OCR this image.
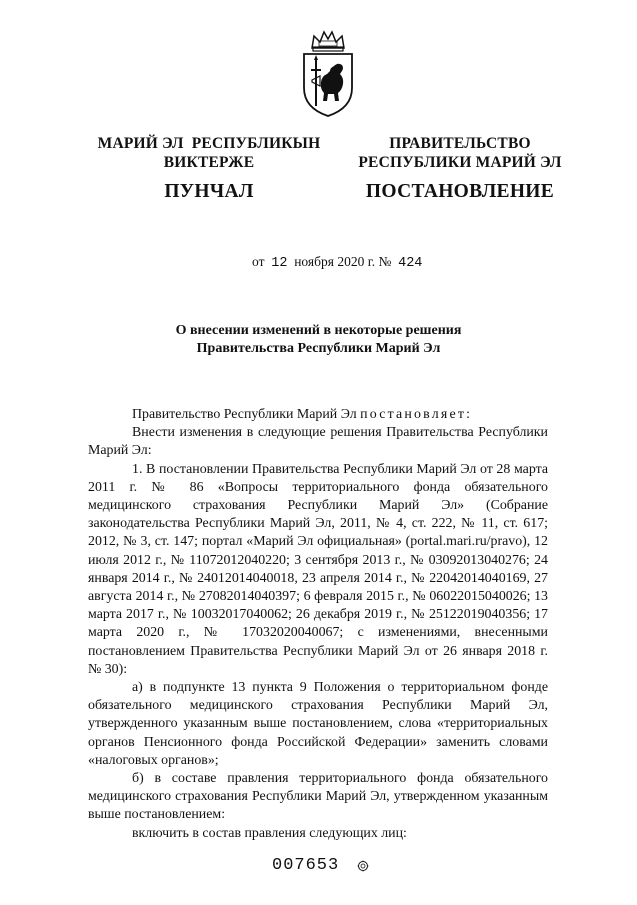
МАРИЙ ЭЛ  РЕСПУБЛИКЫН
ВИКТЕРЖЕ
ПУНЧАЛ
ПРАВИТЕЛЬСТВО
РЕСПУБЛИКИ МАРИЙ ЭЛ
ПОСТАНОВЛЕНИЕ
от 12 ноября 2020 г. № 424
О внесении изменений в некоторые решения
Правительства Республики Марий Эл

Правительство Республики Марий Эл постановляет:

Внести изменения в следующие решения Правительства Республики Марий Эл:

1. В постановлении Правительства Республики Марий Эл от 28 марта 2011 г. № 86 «Вопросы территориального фонда обязательного медицинского страхования Республики Марий Эл» (Собрание законодательства Республики Марий Эл, 2011, № 4, ст. 222, № 11, ст. 617; 2012, № 3, ст. 147; портал «Марий Эл официальная» (portal.mari.ru/pravo), 12 июля 2012 г., № 11072012040220; 3 сентября 2013 г., № 03092013040276; 24 января 2014 г., № 24012014040018, 23 апреля 2014 г., № 22042014040169, 27 августа 2014 г., № 27082014040397; 6 февраля 2015 г., № 06022015040026; 13 марта 2017 г., № 10032017040062; 26 декабря 2019 г., № 25122019040356; 17 марта 2020 г., № 17032020040067; с изменениями, внесенными постановлением Правительства Республики Марий Эл от 26 января 2018 г. № 30):

а) в подпункте 13 пункта 9 Положения о территориальном фонде обязательного медицинского страхования Республики Марий Эл, утвержденного указанным выше постановлением, слова «территориальных органов Пенсионного фонда Российской Федерации» заменить словами «налоговых органов»;

б) в составе правления территориального фонда обязательного медицинского страхования Республики Марий Эл, утвержденном указанным выше постановлением:

включить в состав правления следующих лиц:

007653
